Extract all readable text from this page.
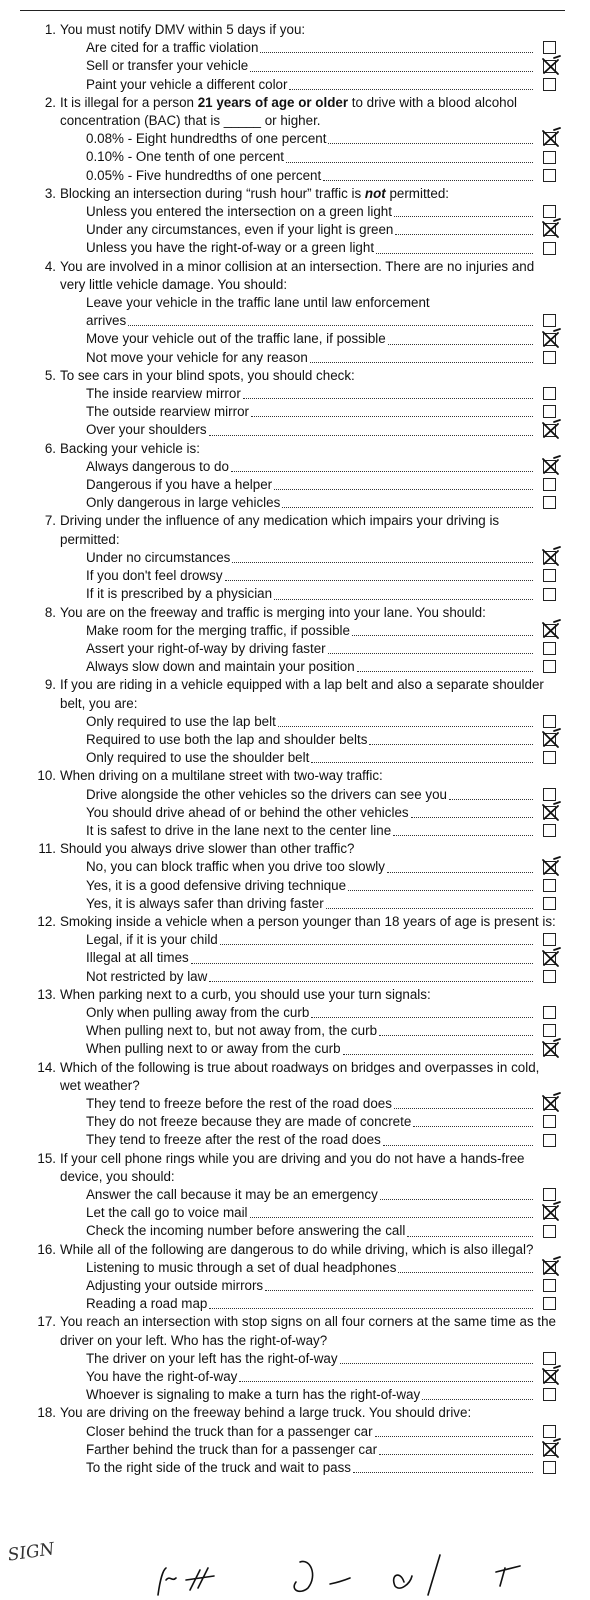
1. You must notify DMV within 5 days if you:
Are cited for a traffic violation
Sell or transfer your vehicle
Paint your vehicle a different color
2. It is illegal for a person 21 years of age or older to drive with a blood alcohol concentration (BAC) that is _____ or higher.
0.08% - Eight hundredths of one percent
0.10% - One tenth of one percent
0.05% - Five hundredths of one percent
3. Blocking an intersection during “rush hour” traffic is not permitted:
Unless you entered the intersection on a green light
Under any circumstances, even if your light is green
Unless you have the right-of-way or a green light
4. You are involved in a minor collision at an intersection. There are no injuries and very little vehicle damage. You should:
Leave your vehicle in the traffic lane until law enforcement
arrives
Move your vehicle out of the traffic lane, if possible
Not move your vehicle for any reason
5. To see cars in your blind spots, you should check:
The inside rearview mirror
The outside rearview mirror
Over your shoulders
6. Backing your vehicle is:
Always dangerous to do
Dangerous if you have a helper
Only dangerous in large vehicles
7. Driving under the influence of any medication which impairs your driving is permitted:
Under no circumstances
If you don't feel drowsy
If it is prescribed by a physician
8. You are on the freeway and traffic is merging into your lane. You should:
Make room for the merging traffic, if possible
Assert your right-of-way by driving faster
Always slow down and maintain your position
9. If you are riding in a vehicle equipped with a lap belt and also a separate shoulder belt, you are:
Only required to use the lap belt
Required to use both the lap and shoulder belts
Only required to use the shoulder belt
10. When driving on a multilane street with two-way traffic:
Drive alongside the other vehicles so the drivers can see you
You should drive ahead of or behind the other vehicles
It is safest to drive in the lane next to the center line
11. Should you always drive slower than other traffic?
No, you can block traffic when you drive too slowly
Yes, it is a good defensive driving technique
Yes, it is always safer than driving faster
12. Smoking inside a vehicle when a person younger than 18 years of age is present is:
Legal, if it is your child
Illegal at all times
Not restricted by law
13. When parking next to a curb, you should use your turn signals:
Only when pulling away from the curb
When pulling next to, but not away from, the curb
When pulling next to or away from the curb
14. Which of the following is true about roadways on bridges and overpasses in cold, wet weather?
They tend to freeze before the rest of the road does
They do not freeze because they are made of concrete
They tend to freeze after the rest of the road does
15. If your cell phone rings while you are driving and you do not have a hands-free device, you should:
Answer the call because it may be an emergency
Let the call go to voice mail
Check the incoming number before answering the call
16. While all of the following are dangerous to do while driving, which is also illegal?
Listening to music through a set of dual headphones
Adjusting your outside mirrors
Reading a road map
17. You reach an intersection with stop signs on all four corners at the same time as the driver on your left. Who has the right-of-way?
The driver on your left has the right-of-way
You have the right-of-way
Whoever is signaling to make a turn has the right-of-way
18. You are driving on the freeway behind a large truck. You should drive:
Closer behind the truck than for a passenger car
Farther behind the truck than for a passenger car
To the right side of the truck and wait to pass
SIGN
